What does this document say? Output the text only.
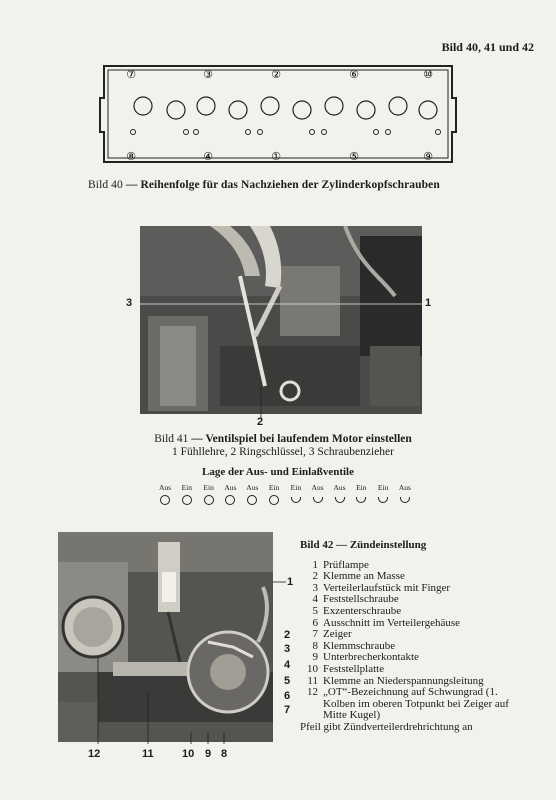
Bild 40, 41 und 42
⑦	③	②	⑥	⑩
⑧	④	①	⑤	⑨
Bild 40 — Reihenfolge für das Nachziehen der Zylinderkopfschrauben
3	1
2
Bild 41 — Ventilspiel bei laufendem Motor einstellen
1 Fühllehre, 2 Ringschlüssel, 3 Schraubenzieher
Lage der Aus- und Einlaßventile
Aus	Ein	Ein	Aus	Aus	Ein	Ein	Aus	Aus	Ein	Ein	Aus
1
2
3
4
5
6
7
12	11	10 9 8
Bild 42 — Zündeinstellung
1 Prüflampe
2 Klemme an Masse
3 Verteilerlaufstück mit Finger
4 Feststellschraube
5 Exzenterschraube
6 Ausschnitt im Verteilergehäuse
7 Zeiger
8 Klemmschraube
9 Unterbrecherkontakte
10 Feststellplatte
11 Klemme an Niederspannungsleitung
12 „OT“-Bezeichnung auf Schwungrad (1. Kolben im oberen Totpunkt bei Zeiger auf Mitte Kugel)
Pfeil gibt Zündverteilerdrehrichtung an
